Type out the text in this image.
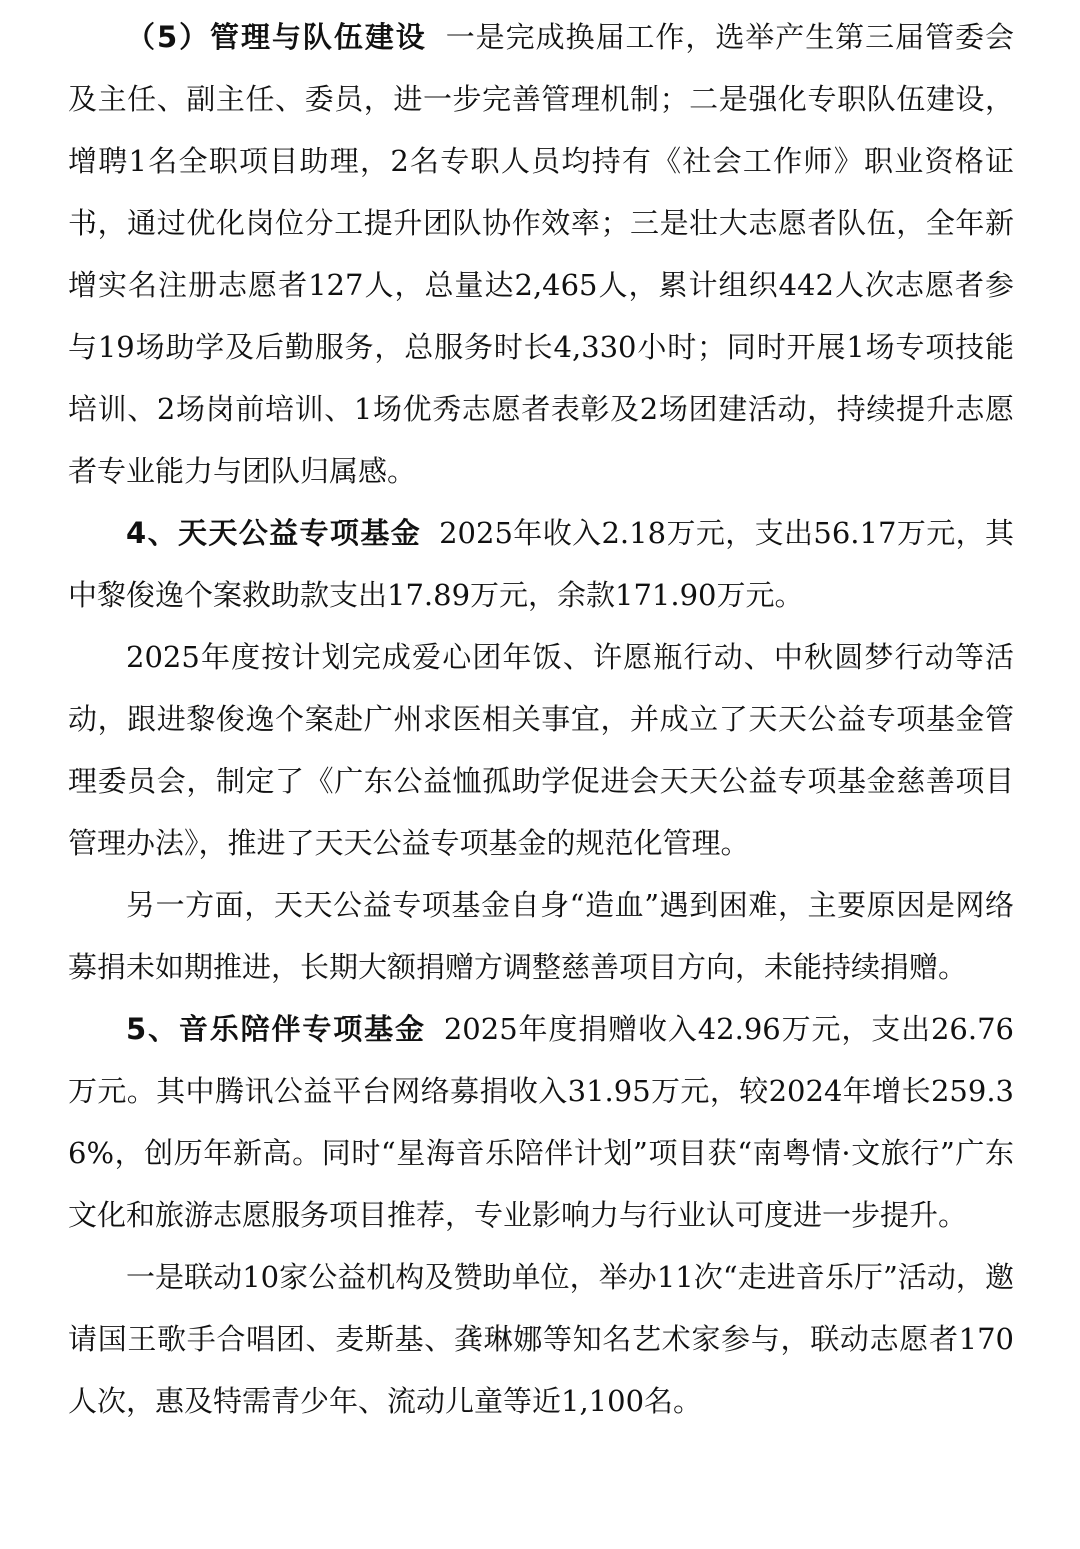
（5）管理与队伍建设 一是完成换届工作，选举产生第三届管委会及主任、副主任、委员，进一步完善管理机制；二是强化专职队伍建设，增聘1名全职项目助理，2名专职人员均持有《社会工作师》职业资格证书，通过优化岗位分工提升团队协作效率；三是壮大志愿者队伍，全年新增实名注册志愿者127人，总量达2,465人，累计组织442人次志愿者参与19场助学及后勤服务，总服务时长4,330小时；同时开展1场专项技能培训、2场岗前培训、1场优秀志愿者表彰及2场团建活动，持续提升志愿者专业能力与团队归属感。

4、天天公益专项基金 2025年收入2.18万元，支出56.17万元，其中黎俊逸个案救助款支出17.89万元，余款171.90万元。

2025年度按计划完成爱心团年饭、许愿瓶行动、中秋圆梦行动等活动，跟进黎俊逸个案赴广州求医相关事宜，并成立了天天公益专项基金管理委员会，制定了《广东公益恤孤助学促进会天天公益专项基金慈善项目管理办法》，推进了天天公益专项基金的规范化管理。

另一方面，天天公益专项基金自身“造血”遇到困难，主要原因是网络募捐未如期推进，长期大额捐赠方调整慈善项目方向，未能持续捐赠。

5、音乐陪伴专项基金 2025年度捐赠收入42.96万元，支出26.76万元。其中腾讯公益平台网络募捐收入31.95万元，较2024年增长259.36%，创历年新高。同时“星海音乐陪伴计划”项目获“南粤情·文旅行”广东文化和旅游志愿服务项目推荐，专业影响力与行业认可度进一步提升。

一是联动10家公益机构及赞助单位，举办11次“走进音乐厅”活动，邀请国王歌手合唱团、麦斯基、龚琳娜等知名艺术家参与，联动志愿者170人次，惠及特需青少年、流动儿童等近1,100名。
